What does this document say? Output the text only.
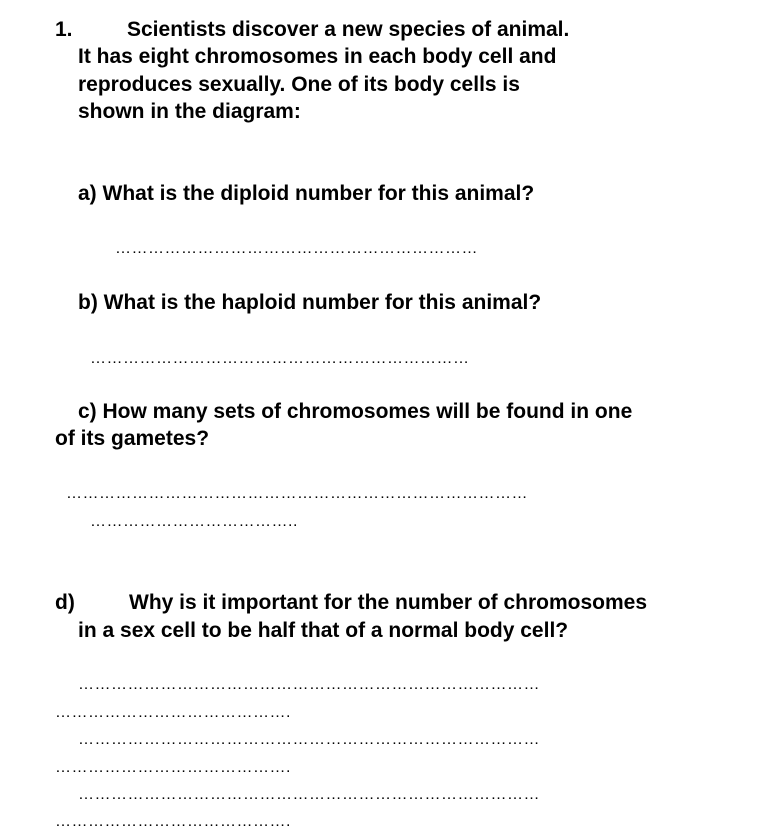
1.	Scientists discover a new species of animal.
It has eight chromosomes in each body cell and
reproduces sexually. One of its body cells is
shown in the diagram:
a) What is the diploid number for this animal?
…………………………………………………………
b) What is the haploid number for this animal?
……………………………………………………………
c) How many sets of chromosomes will be found in one
of its gametes?
…………………………………………………………………………
………………………………..
d)	Why is it important for the number of chromosomes
in a sex cell to be half that of a normal body cell?
…………………………………………………………………………
…………………………………….
…………………………………………………………………………
…………………………………….
…………………………………………………………………………
…………………………………….
